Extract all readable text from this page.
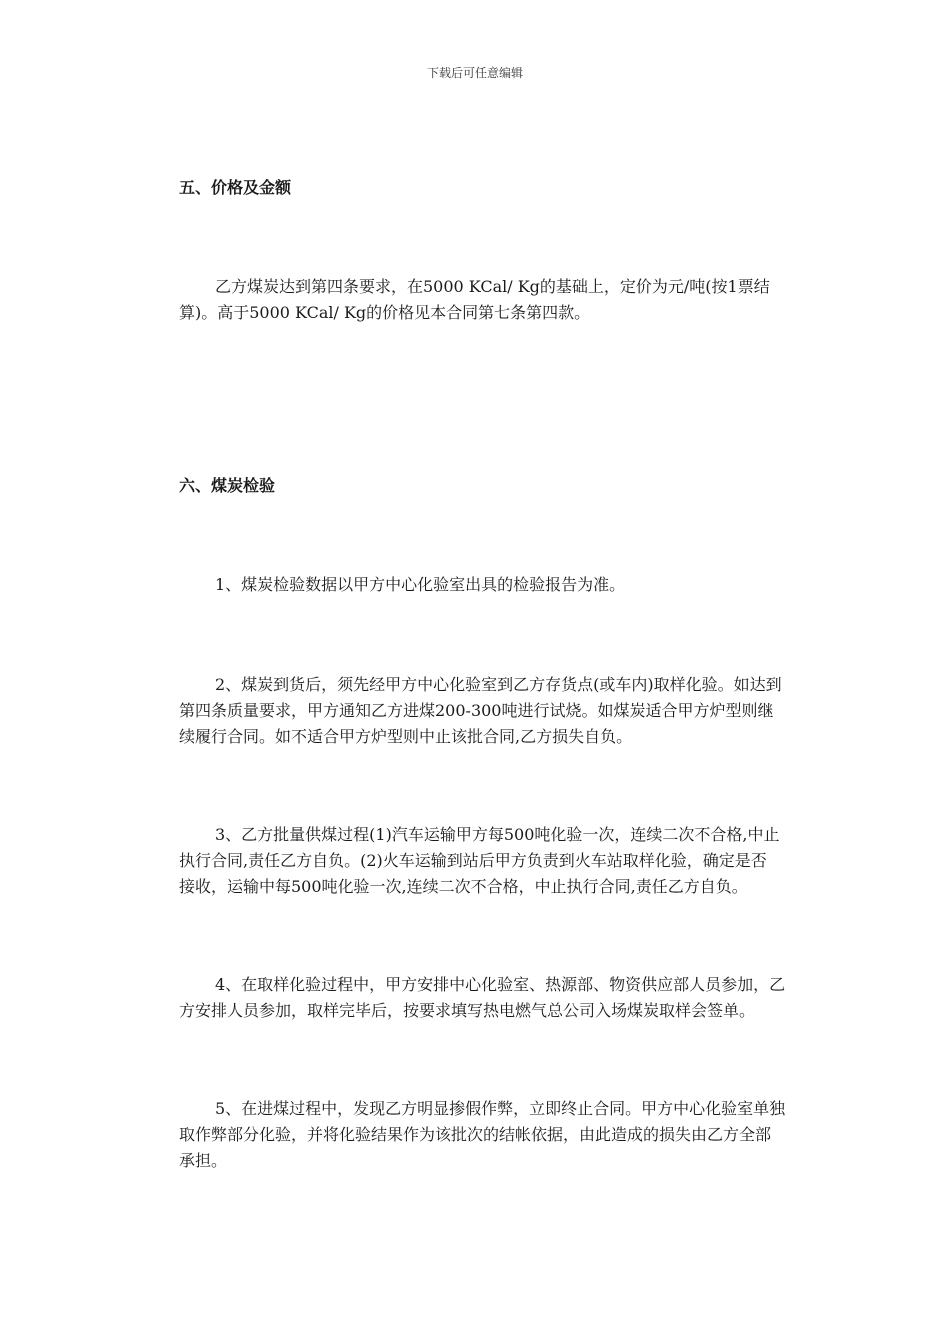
下载后可任意编辑
五、价格及金额
乙方煤炭达到第四条要求，在5000 KCal/ Kg的基础上，定价为元/吨(按1票结
算)。高于5000 KCal/ Kg的价格见本合同第七条第四款。
六、煤炭检验
1、煤炭检验数据以甲方中心化验室出具的检验报告为准。
2、煤炭到货后，须先经甲方中心化验室到乙方存货点(或车内)取样化验。如达到
第四条质量要求，甲方通知乙方进煤200-300吨进行试烧。如煤炭适合甲方炉型则继
续履行合同。如不适合甲方炉型则中止该批合同,乙方损失自负。
3、乙方批量供煤过程(1)汽车运输甲方每500吨化验一次，连续二次不合格,中止
执行合同,责任乙方自负。(2)火车运输到站后甲方负责到火车站取样化验，确定是否
接收，运输中每500吨化验一次,连续二次不合格，中止执行合同,责任乙方自负。
4、在取样化验过程中，甲方安排中心化验室、热源部、物资供应部人员参加，乙
方安排人员参加，取样完毕后，按要求填写热电燃气总公司入场煤炭取样会签单。
5、在进煤过程中，发现乙方明显掺假作弊，立即终止合同。甲方中心化验室单独
取作弊部分化验，并将化验结果作为该批次的结帐依据，由此造成的损失由乙方全部
承担。
